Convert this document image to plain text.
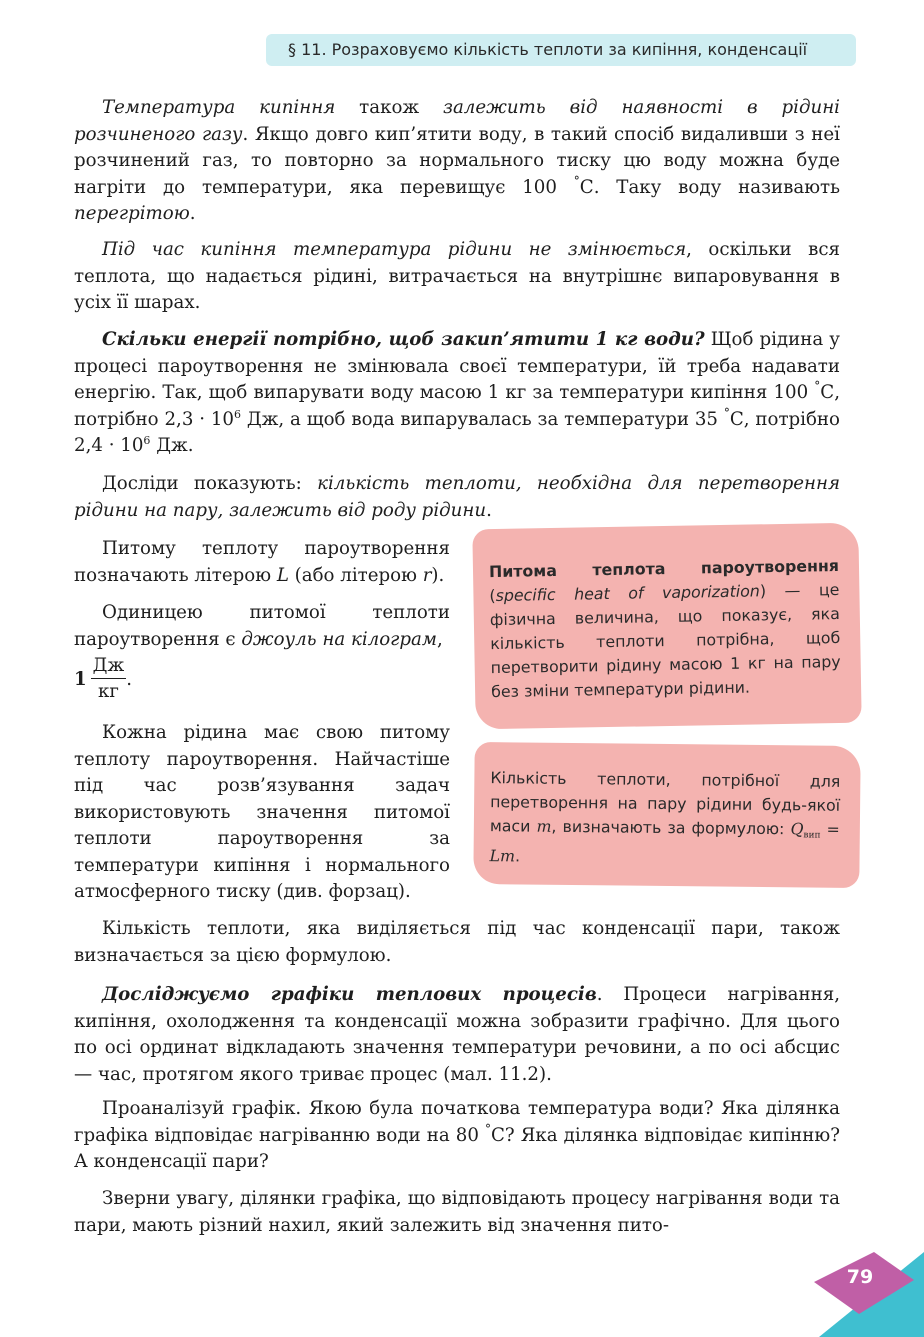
§ 11. Розраховуємо кількість теплоти за кипіння, конденсації

Температура кипіння також залежить від наявності в рідині розчиненого газу. Якщо довго кип’ятити воду, в такий спосіб видаливши з неї розчинений газ, то повторно за нормального тиску цю воду можна буде нагріти до температури, яка перевищує 100 °С. Таку воду називають перегрітою.

Під час кипіння температура рідини не змінюється, оскільки вся теплота, що надається рідині, витрачається на внутрішнє випаровування в усіх її шарах.

Скільки енергії потрібно, щоб закип’ятити 1 кг води? Щоб рідина у процесі пароутворення не змінювала своєї температури, їй треба надавати енергію. Так, щоб випарувати воду масою 1 кг за температури кипіння 100 °С, потрібно $2,3 \cdot 10^6$ Дж, а щоб вода випарувалась за температури 35 °С, потрібно $2,4 \cdot 10^6$ Дж.

Досліди показують: кількість теплоти, необхідна для перетворення рідини на пару, залежить від роду рідини.

Питому теплоту пароутворення позначають літерою L (або літерою r).

Одиницею питомої теплоти пароутворення є джоуль на кілограм,

$1 \frac{Дж}{кг}$ .

Кожна рідина має свою питому теплоту пароутворення. Найчастіше під час розв’язування задач використовують значення питомої теплоти пароутворення за температури кипіння і нормального атмосферного тиску (див. форзац).

Питома теплота пароутворення (specific heat of vaporization) — це фізична величина, що показує, яка кількість теплоти потрібна, щоб перетворити рідину масою 1 кг на пару без зміни температури рідини.
Кількість теплоти, потрібної для перетворення на пару рідини будь-якої маси m, визначають за формулою: $Q_{вип} = Lm$.

Кількість теплоти, яка виділяється під час конденсації пари, також визначається за цією формулою.

Досліджуємо графіки теплових процесів. Процеси нагрівання, кипіння, охолодження та конденсації можна зобразити графічно. Для цього по осі ординат відкладають значення температури речовини, а по осі абсцис — час, протягом якого триває процес (мал. 11.2).

Проаналізуй графік. Якою була початкова температура води? Яка ділянка графіка відповідає нагріванню води на 80 °С? Яка ділянка відповідає кипінню? А конденсації пари?

Зверни увагу, ділянки графіка, що відповідають процесу нагрівання води та пари, мають різний нахил, який залежить від значення пито-

79
